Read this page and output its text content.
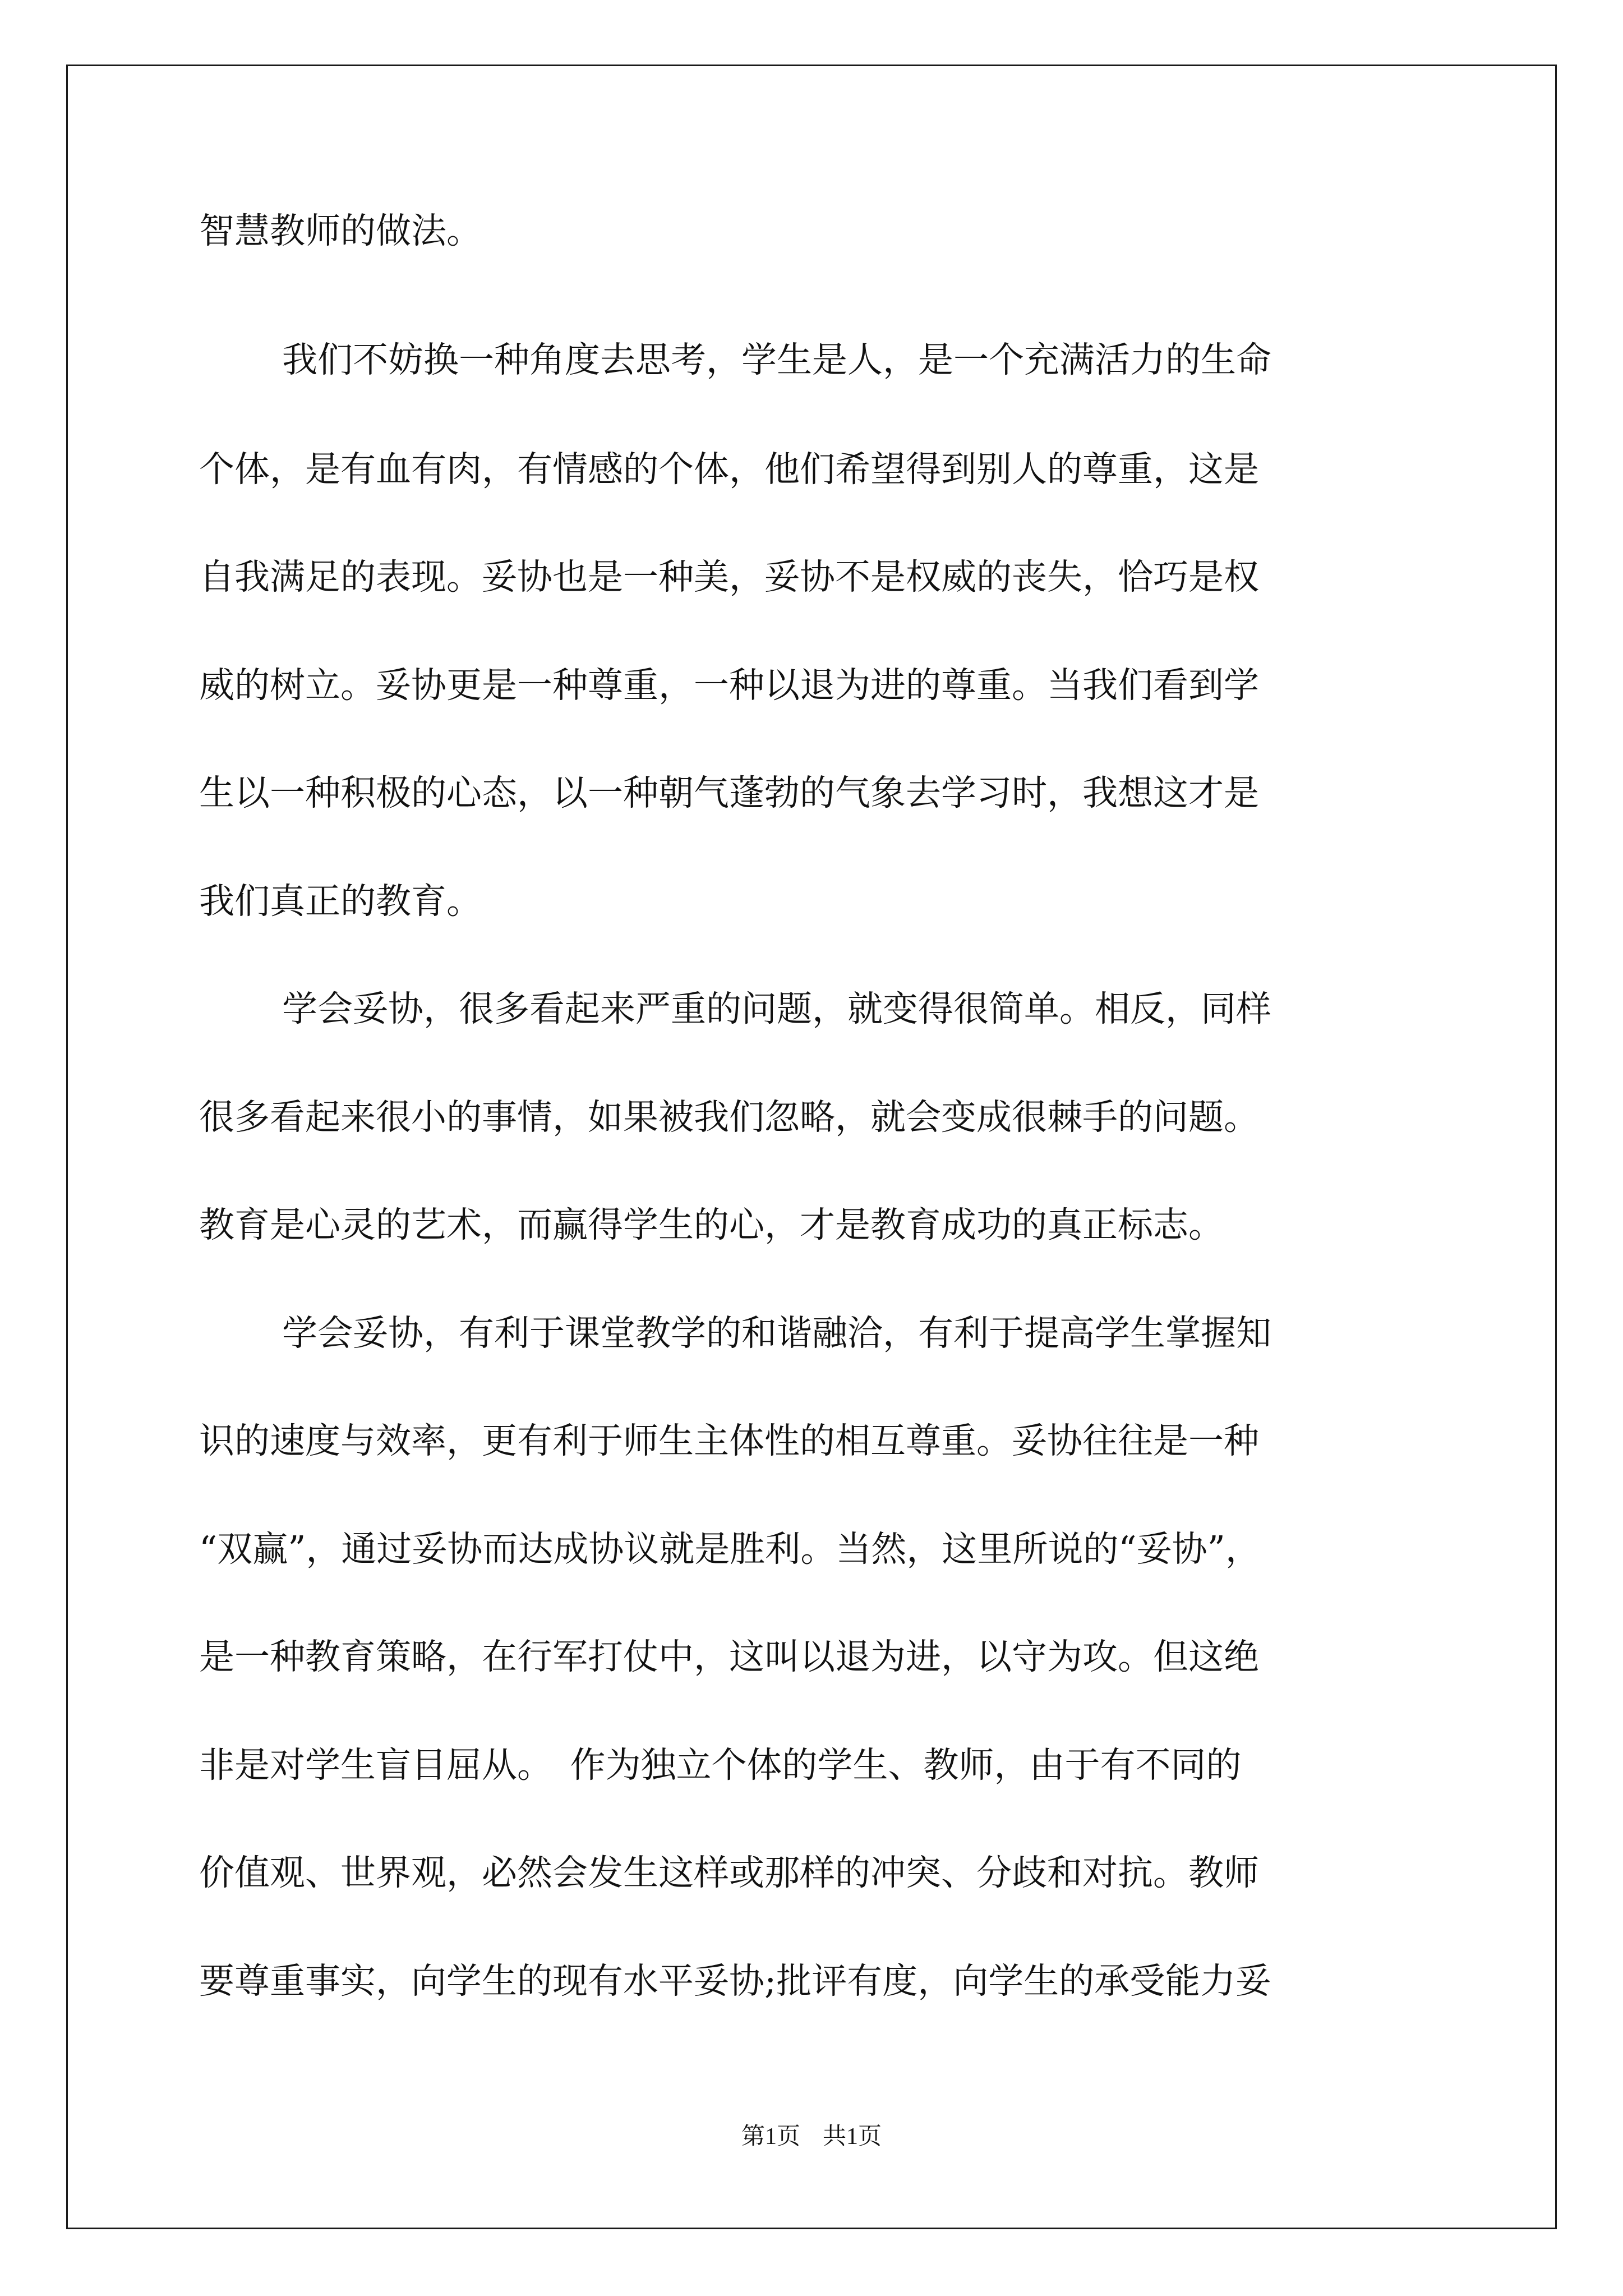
智慧教师的做法。
我们不妨换一种角度去思考，学生是人，是一个充满活力的生命
个体，是有血有肉，有情感的个体，他们希望得到别人的尊重，这是
自我满足的表现。妥协也是一种美，妥协不是权威的丧失，恰巧是权
威的树立。妥协更是一种尊重，一种以退为进的尊重。当我们看到学
生以一种积极的心态，以一种朝气蓬勃的气象去学习时，我想这才是
我们真正的教育。
学会妥协，很多看起来严重的问题，就变得很简单。相反，同样
很多看起来很小的事情，如果被我们忽略，就会变成很棘手的问题。
教育是心灵的艺术，而赢得学生的心，才是教育成功的真正标志。
学会妥协，有利于课堂教学的和谐融洽，有利于提高学生掌握知
识的速度与效率，更有利于师生主体性的相互尊重。妥协往往是一种
“双赢”，通过妥协而达成协议就是胜利。当然，这里所说的“妥协”，
是一种教育策略，在行军打仗中，这叫以退为进，以守为攻。但这绝
非是对学生盲目屈从。　作为独立个体的学生、教师，由于有不同的
价值观、世界观，必然会发生这样或那样的冲突、分歧和对抗。教师
要尊重事实，向学生的现有水平妥协;批评有度，向学生的承受能力妥
第1页 共1页
